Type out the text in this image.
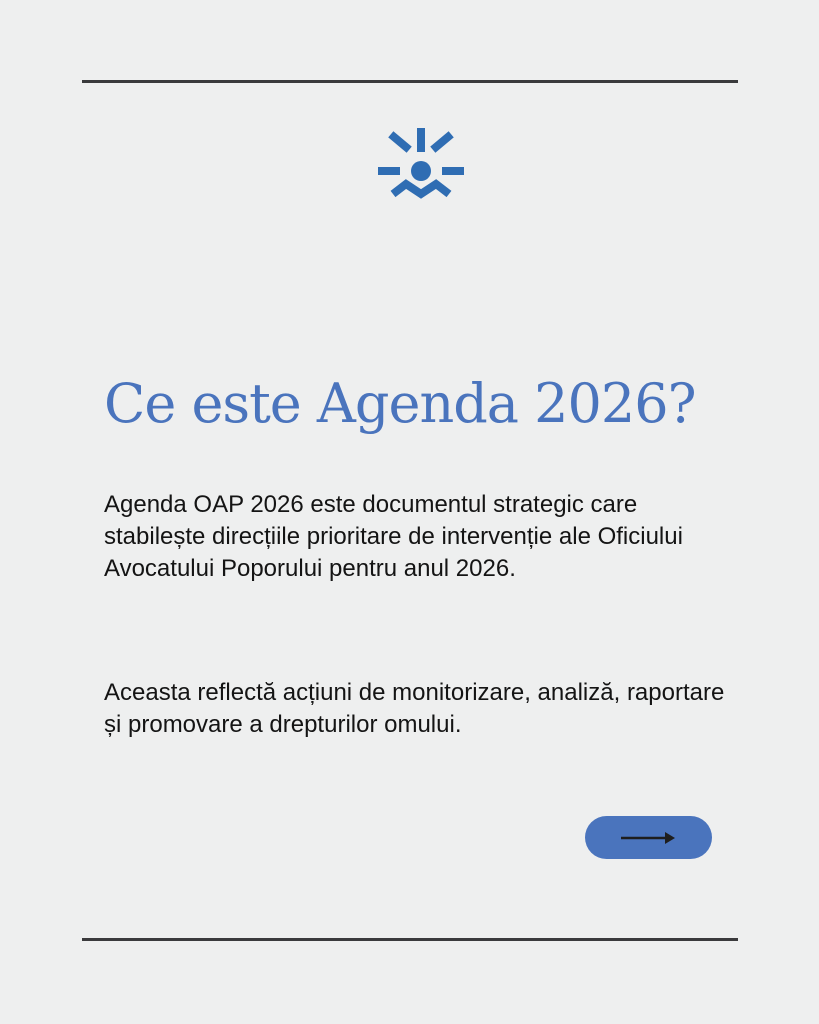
Ce este Agenda 2026?

Agenda OAP 2026 este documentul strategic care stabilește direcțiile prioritare de intervenție ale Oficiului Avocatului Poporului pentru anul 2026.

Aceasta reflectă acțiuni de monitorizare, analiză, raportare și promovare a drepturilor omului.
